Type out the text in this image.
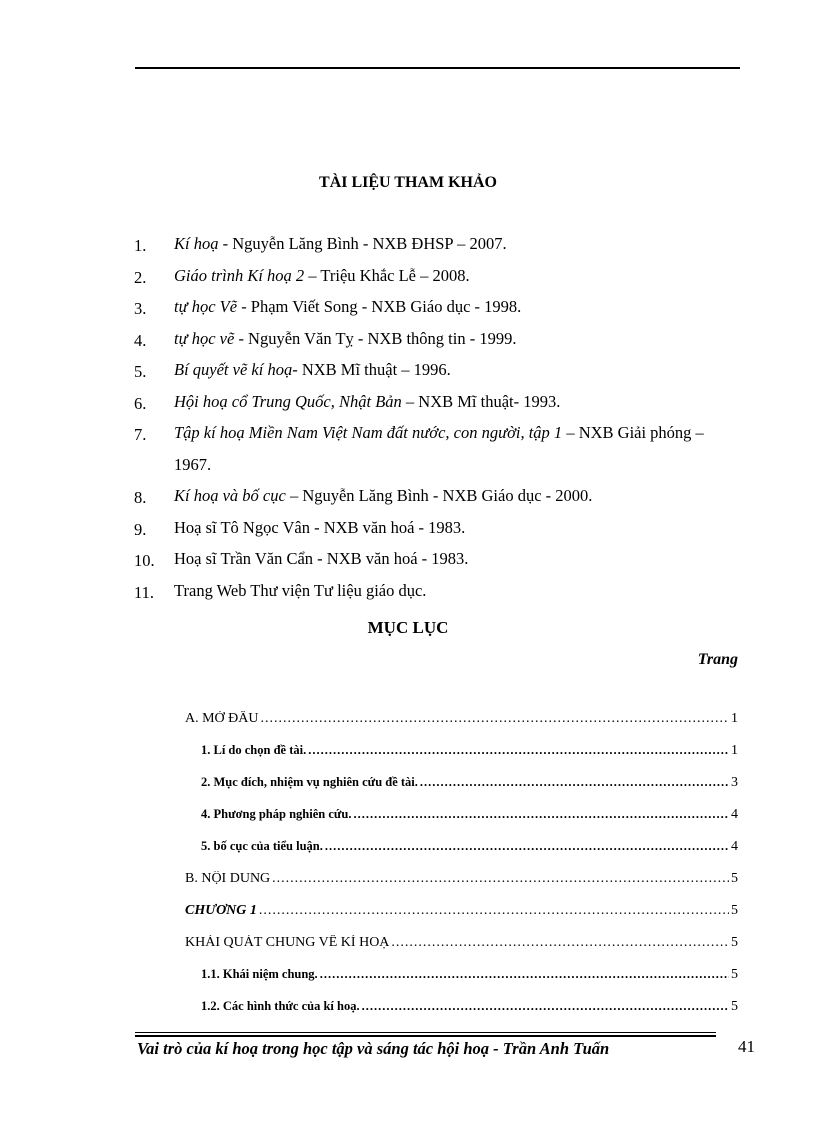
TÀI LIỆU THAM KHẢO
1.	Kí hoạ - Nguyễn Lăng Bình - NXB ĐHSP – 2007.
2.	Giáo trình Kí hoạ 2 – Triệu Khắc Lễ – 2008.
3.	tự học Vẽ - Phạm Viết Song - NXB Giáo dục - 1998.
4.	tự học vẽ - Nguyễn Văn Tỵ - NXB thông tin - 1999.
5.	Bí quyết vẽ kí hoạ- NXB Mĩ thuật – 1996.
6.	Hội hoạ cổ Trung Quốc, Nhật Bản – NXB Mĩ thuật- 1993.
7.	Tập kí hoạ Miền Nam Việt Nam đất nước, con người, tập 1 – NXB Giải phóng – 1967.
8.	Kí hoạ và bố cục – Nguyễn Lăng Bình - NXB Giáo dục - 2000.
9.	Hoạ sĩ Tô Ngọc Vân - NXB văn hoá - 1983.
10.	Hoạ sĩ Trần Văn Cẩn - NXB văn hoá - 1983.
11.	Trang Web Thư viện Tư liệu giáo dục.
MỤC LỤC
Trang
A. MỞ ĐẦU .....	1
1. Lí do chọn đề tài. .....	1
2. Mục đích, nhiệm vụ nghiên cứu đề tài. .....	3
4. Phương pháp nghiên cứu. .....	4
5. bố cục của tiểu luận. .....	4
B. NỘI DUNG .....	5
CHƯƠNG 1 .....	5
KHÁI QUÁT CHUNG VỀ KÍ HOẠ .....	5
1.1. Khái niệm chung. .....	5
1.2. Các hình thức của kí hoạ. .....	5
Vai trò của kí hoạ trong học tập và sáng tác hội hoạ - Trần Anh Tuấn	41
